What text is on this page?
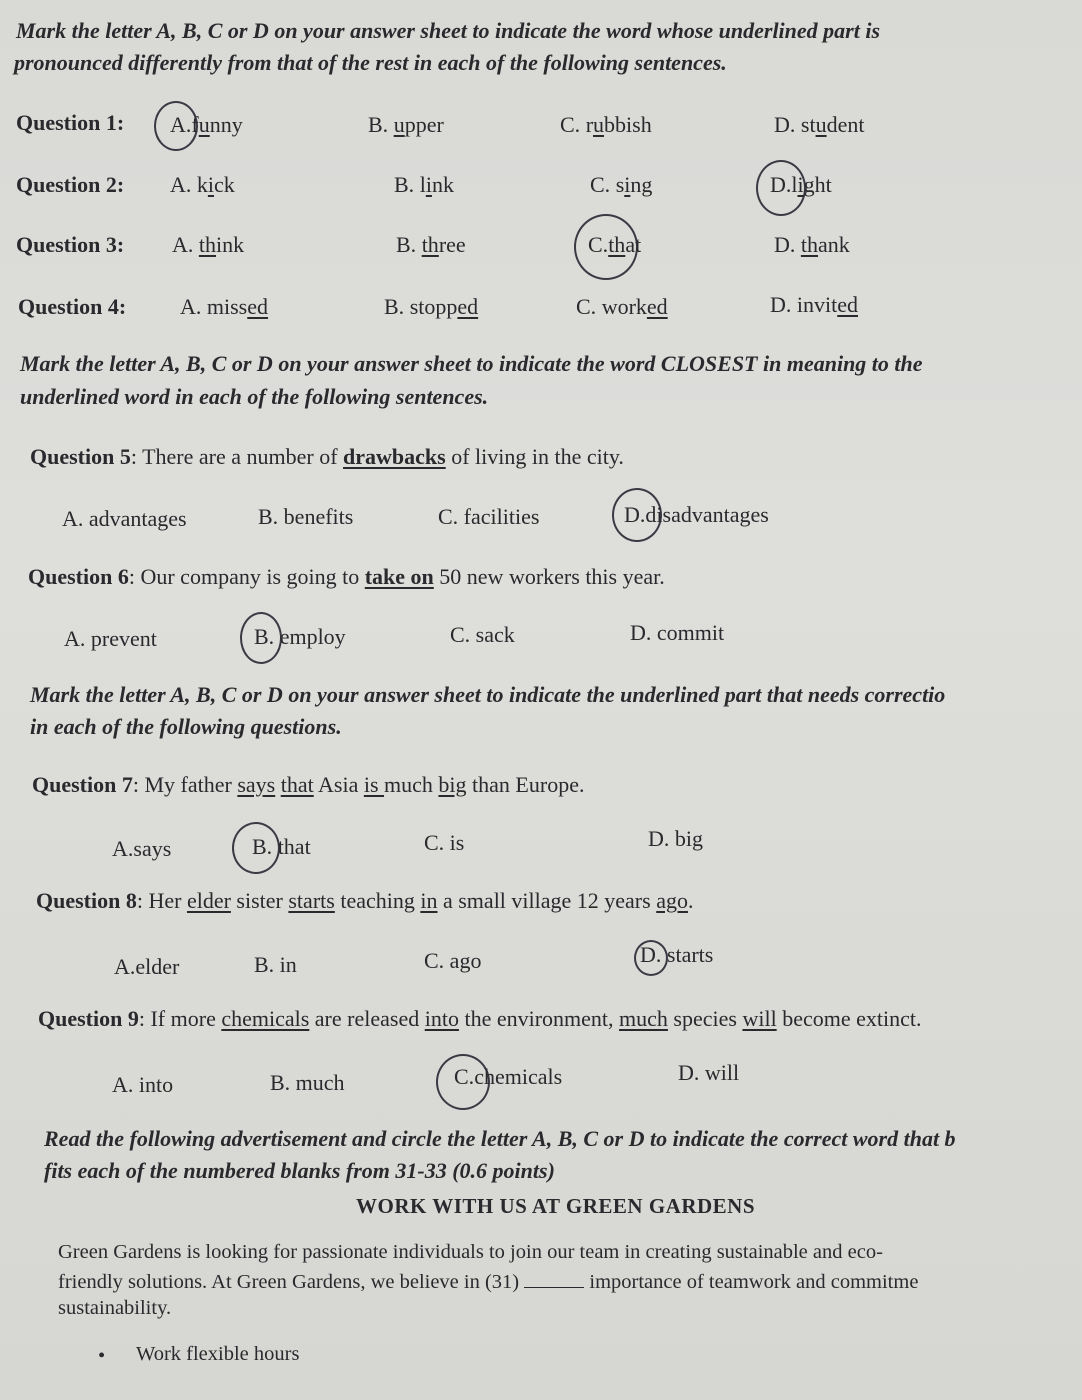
Mark the letter A, B, C or D on your answer sheet to indicate the word whose underlined part is
pronounced differently from that of the rest in each of the following sentences.
Question 1: A.funny	B. upper	C. rubbish	D. student
Question 2: A. kick	B. link	C. sing	D.light
Question 3: A. think	B. three	C.that	D. thank
Question 4: A. missed	B. stopped	C. worked	D. invited
Mark the letter A, B, C or D on your answer sheet to indicate the word CLOSEST in meaning to the
underlined word in each of the following sentences.
Question 5: There are a number of drawbacks of living in the city.
A. advantages	B. benefits	C. facilities	D.disadvantages
Question 6: Our company is going to take on 50 new workers this year.
A. prevent	B. employ	C. sack	D. commit
Mark the letter A, B, C or D on your answer sheet to indicate the underlined part that needs correctio
in each of the following questions.
Question 7: My father says that Asia is much big than Europe.
A.says	B. that	C. is	D. big
Question 8: Her elder sister starts teaching in a small village 12 years ago.
A.elder	B. in	C. ago	D. starts
Question 9: If more chemicals are released into the environment, much species will become extinct.
A. into	B. much	C.chemicals	D. will
Read the following advertisement and circle the letter A, B, C or D to indicate the correct word that b
fits each of the numbered blanks from 31-33 (0.6 points)
WORK WITH US AT GREEN GARDENS
Green Gardens is looking for passionate individuals to join our team in creating sustainable and eco-
friendly solutions. At Green Gardens, we believe in (31)	importance of teamwork and commitme
sustainability.
• Work flexible hours
